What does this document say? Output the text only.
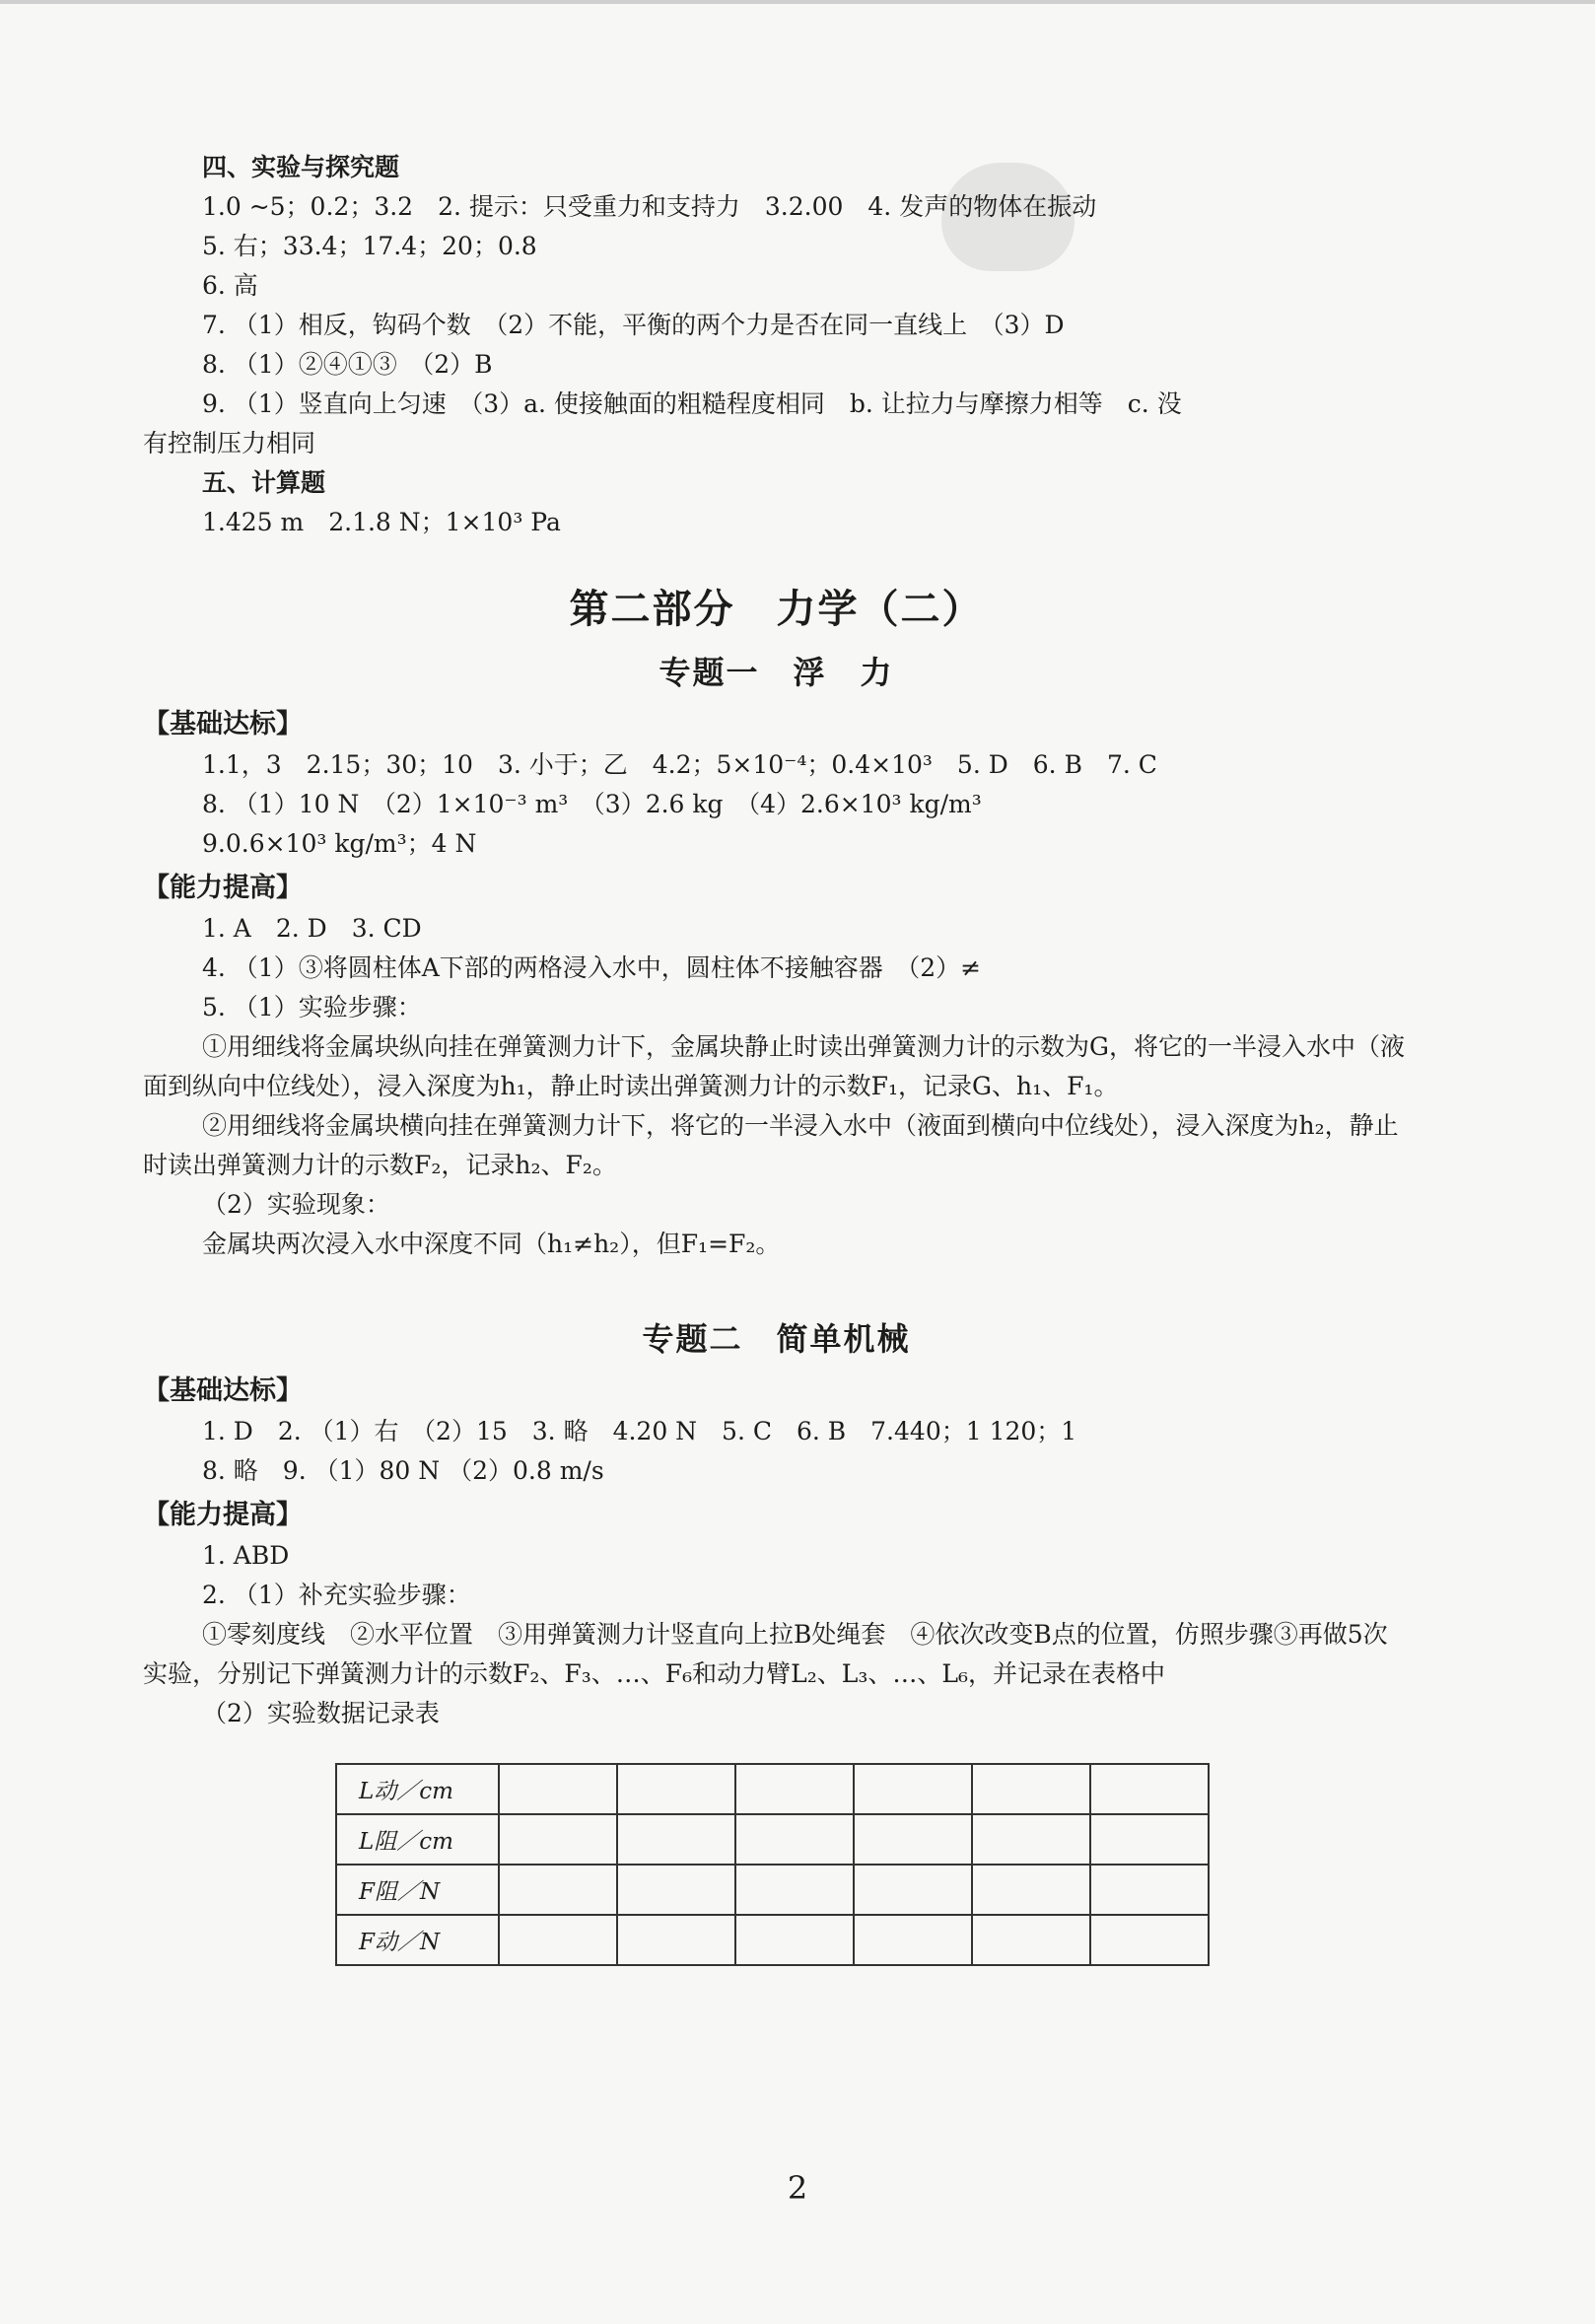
四、实验与探究题
1.0 ~5；0.2；3.2　2. 提示：只受重力和支持力　3.2.00　4. 发声的物体在振动
5. 右；33.4；17.4；20；0.8
6. 高
7. （1）相反，钩码个数　（2）不能，平衡的两个力是否在同一直线上　（3）D
8. （1）②④①③　（2）B
9. （1）竖直向上匀速　（3）a. 使接触面的粗糙程度相同　b. 让拉力与摩擦力相等　c. 没
有控制压力相同
五、计算题
1.425 m　2.1.8 N；1×10³ Pa
第二部分　力学（二）
专题一　浮　力
【基础达标】
1.1，3　2.15；30；10　3. 小于；乙　4.2；5×10⁻⁴；0.4×10³　5. D　6. B　7. C
8. （1）10 N　（2）1×10⁻³ m³　（3）2.6 kg　（4）2.6×10³ kg/m³
9.0.6×10³ kg/m³；4 N
【能力提高】
1. A　2. D　3. CD
4. （1）③将圆柱体A下部的两格浸入水中，圆柱体不接触容器　（2）≠
5. （1）实验步骤：
①用细线将金属块纵向挂在弹簧测力计下，金属块静止时读出弹簧测力计的示数为G，将它的一半浸入水中（液面到纵向中位线处），浸入深度为h₁，静止时读出弹簧测力计的示数F₁，记录G、h₁、F₁。
②用细线将金属块横向挂在弹簧测力计下，将它的一半浸入水中（液面到横向中位线处），浸入深度为h₂，静止时读出弹簧测力计的示数F₂，记录h₂、F₂。
（2）实验现象：
金属块两次浸入水中深度不同（h₁≠h₂），但F₁=F₂。
专题二　简单机械
【基础达标】
1. D　2. （1）右　（2）15　3. 略　4.20 N　5. C　6. B　7.440；1 120；1
8. 略　9. （1）80 N （2）0.8 m/s
【能力提高】
1. ABD
2. （1）补充实验步骤：
①零刻度线　②水平位置　③用弹簧测力计竖直向上拉B处绳套　④依次改变B点的位置，仿照步骤③再做5次实验，分别记下弹簧测力计的示数F₂、F₃、…、F₆和动力臂L₂、L₃、…、L₆，并记录在表格中
（2）实验数据记录表
L动／cm						
L阻／cm						
F阻／N						
F动／N						
2
